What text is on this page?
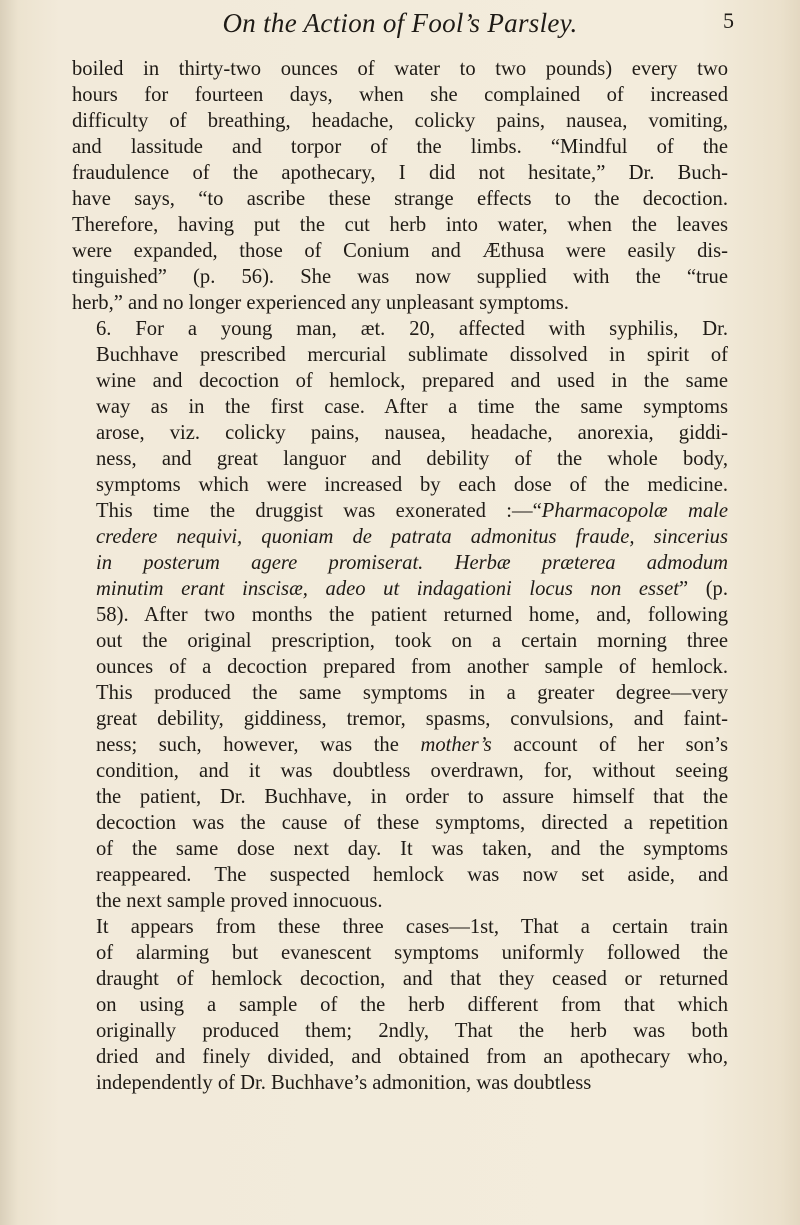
On the Action of Fool’s Parsley.	5

boiled in thirty-two ounces of water to two pounds) every two
hours for fourteen days, when she complained of increased
difficulty of breathing, headache, colicky pains, nausea, vomiting,
and lassitude and torpor of the limbs. “Mindful of the
fraudulence of the apothecary, I did not hesitate,” Dr. Buch-
have says, “to ascribe these strange effects to the decoction.
Therefore, having put the cut herb into water, when the leaves
were expanded, those of Conium and Æthusa were easily dis-
tinguished” (p. 56). She was now supplied with the “true
herb,” and no longer experienced any unpleasant symptoms.

6. For a young man, æt. 20, affected with syphilis, Dr.
Buchhave prescribed mercurial sublimate dissolved in spirit of
wine and decoction of hemlock, prepared and used in the same
way as in the first case. After a time the same symptoms
arose, viz. colicky pains, nausea, headache, anorexia, giddi-
ness, and great languor and debility of the whole body,
symptoms which were increased by each dose of the medicine.
This time the druggist was exonerated :—“Pharmacopolæ male
credere nequivi, quoniam de patrata admonitus fraude, sincerius
in posterum agere promiserat. Herbæ præterea admodum
minutim erant inscisæ, adeo ut indagationi locus non esset” (p.
58). After two months the patient returned home, and, following
out the original prescription, took on a certain morning three
ounces of a decoction prepared from another sample of hemlock.
This produced the same symptoms in a greater degree—very
great debility, giddiness, tremor, spasms, convulsions, and faint-
ness; such, however, was the mother’s account of her son’s
condition, and it was doubtless overdrawn, for, without seeing
the patient, Dr. Buchhave, in order to assure himself that the
decoction was the cause of these symptoms, directed a repetition
of the same dose next day. It was taken, and the symptoms
reappeared. The suspected hemlock was now set aside, and
the next sample proved innocuous.

It appears from these three cases—1st, That a certain train
of alarming but evanescent symptoms uniformly followed the
draught of hemlock decoction, and that they ceased or returned
on using a sample of the herb different from that which
originally produced them; 2ndly, That the herb was both
dried and finely divided, and obtained from an apothecary who,
independently of Dr. Buchhave’s admonition, was doubtless
